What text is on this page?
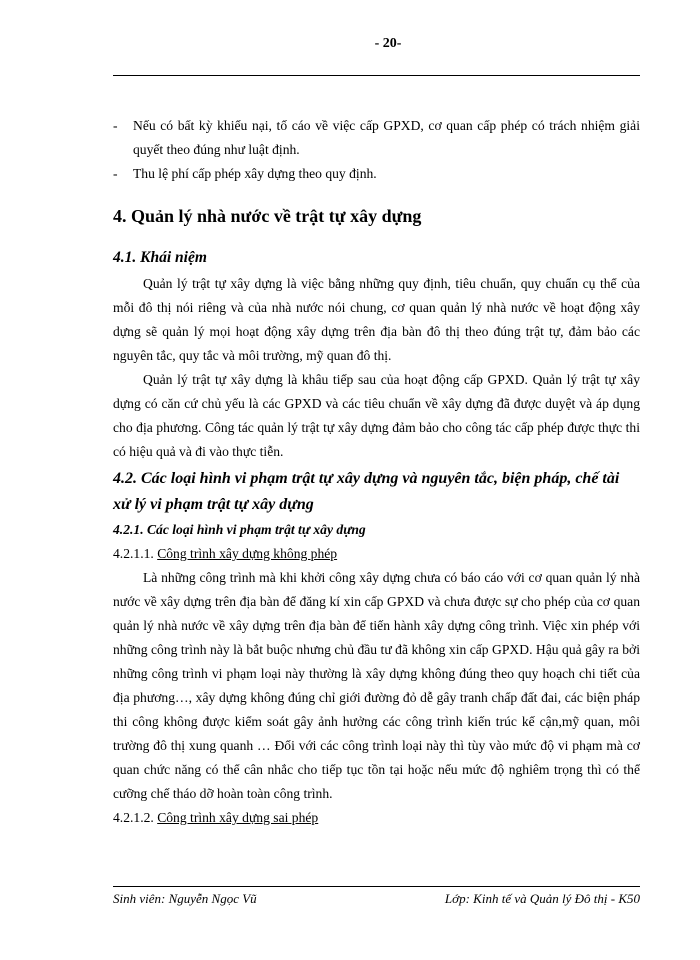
- 20-
- Nếu có bất kỳ khiếu nại, tố cáo về việc cấp GPXD, cơ quan cấp phép có trách nhiệm giải quyết theo đúng như luật định.
- Thu lệ phí cấp phép xây dựng theo quy định.
4. Quản lý nhà nước về trật tự xây dựng
4.1. Khái niệm
Quản lý trật tự xây dựng là việc bằng những quy định, tiêu chuẩn, quy chuẩn cụ thể của mỗi đô thị nói riêng và của nhà nước nói chung, cơ quan quản lý nhà nước về hoạt động xây dựng sẽ quản lý mọi hoạt động xây dựng trên địa bàn đô thị theo đúng trật tự, đảm bảo các nguyên tắc, quy tắc và môi trường, mỹ quan đô thị.
Quản lý trật tự xây dựng là khâu tiếp sau của hoạt động cấp GPXD. Quản lý trật tự xây dựng có căn cứ chủ yếu là các GPXD và các tiêu chuẩn về xây dựng đã được duyệt và áp dụng cho địa phương. Công tác quản lý trật tự xây dựng đảm bảo cho công tác cấp phép được thực thi có hiệu quả và đi vào thực tiễn.
4.2. Các loại hình vi phạm trật tự xây dựng và nguyên tắc, biện pháp, chế tài xử lý vi phạm trật tự xây dựng
4.2.1. Các loại hình vi phạm trật tự xây dựng
4.2.1.1. Công trình xây dựng không phép
Là những công trình mà khi khởi công xây dựng chưa có báo cáo với cơ quan quản lý nhà nước về xây dựng trên địa bàn để đăng kí xin cấp GPXD và chưa được sự cho phép của cơ quan quản lý nhà nước về xây dựng trên địa bàn để tiến hành xây dựng công trình. Việc xin phép với những công trình này là bắt buộc nhưng chủ đầu tư đã không xin cấp GPXD. Hậu quả gây ra bởi những công trình vi phạm loại này thường là xây dựng không đúng theo quy hoạch chi tiết của địa phương…, xây dựng không đúng chỉ giới đường đỏ dễ gây tranh chấp đất đai, các biện pháp thi công không được kiểm soát gây ảnh hưởng các công trình kiến trúc kế cận,mỹ quan, môi trường đô thị xung quanh … Đối với các công trình loại này thì tùy vào mức độ vi phạm mà cơ quan chức năng có thể cân nhắc cho tiếp tục tồn tại hoặc nếu mức độ nghiêm trọng thì có thể cưỡng chế tháo dỡ hoàn toàn công trình.
4.2.1.2. Công trình xây dựng sai phép
Sinh viên: Nguyễn Ngọc Vũ	Lớp: Kinh tế và Quản lý Đô thị - K50
